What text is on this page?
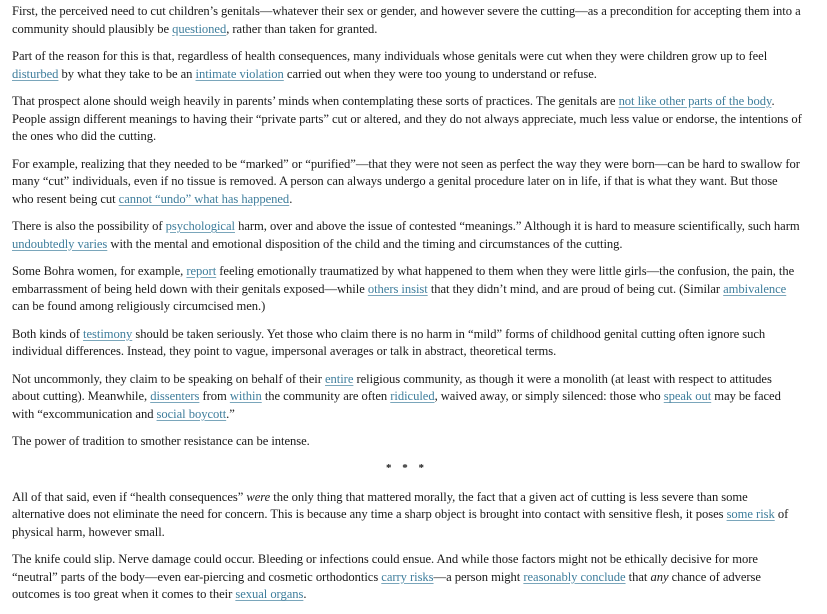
First, the perceived need to cut children’s genitals—whatever their sex or gender, and however severe the cutting—as a precondition for accepting them into a community should plausibly be questioned, rather than taken for granted.

Part of the reason for this is that, regardless of health consequences, many individuals whose genitals were cut when they were children grow up to feel disturbed by what they take to be an intimate violation carried out when they were too young to understand or refuse.

That prospect alone should weigh heavily in parents’ minds when contemplating these sorts of practices. The genitals are not like other parts of the body. People assign different meanings to having their “private parts” cut or altered, and they do not always appreciate, much less value or endorse, the intentions of the ones who did the cutting.

For example, realizing that they needed to be “marked” or “purified”—that they were not seen as perfect the way they were born—can be hard to swallow for many “cut” individuals, even if no tissue is removed. A person can always undergo a genital procedure later on in life, if that is what they want. But those who resent being cut cannot “undo” what has happened.

There is also the possibility of psychological harm, over and above the issue of contested “meanings.” Although it is hard to measure scientifically, such harm undoubtedly varies with the mental and emotional disposition of the child and the timing and circumstances of the cutting.

Some Bohra women, for example, report feeling emotionally traumatized by what happened to them when they were little girls—the confusion, the pain, the embarrassment of being held down with their genitals exposed—while others insist that they didn’t mind, and are proud of being cut. (Similar ambivalence can be found among religiously circumcised men.)

Both kinds of testimony should be taken seriously. Yet those who claim there is no harm in “mild” forms of childhood genital cutting often ignore such individual differences. Instead, they point to vague, impersonal averages or talk in abstract, theoretical terms.

Not uncommonly, they claim to be speaking on behalf of their entire religious community, as though it were a monolith (at least with respect to attitudes about cutting). Meanwhile, dissenters from within the community are often ridiculed, waived away, or simply silenced: those who speak out may be faced with “excommunication and social boycott.”

The power of tradition to smother resistance can be intense.

* * *

All of that said, even if “health consequences” were the only thing that mattered morally, the fact that a given act of cutting is less severe than some alternative does not eliminate the need for concern. This is because any time a sharp object is brought into contact with sensitive flesh, it poses some risk of physical harm, however small.

The knife could slip. Nerve damage could occur. Bleeding or infections could ensue. And while those factors might not be ethically decisive for more “neutral” parts of the body—even ear-piercing and cosmetic orthodontics carry risks—a person might reasonably conclude that any chance of adverse outcomes is too great when it comes to their sexual organs.
